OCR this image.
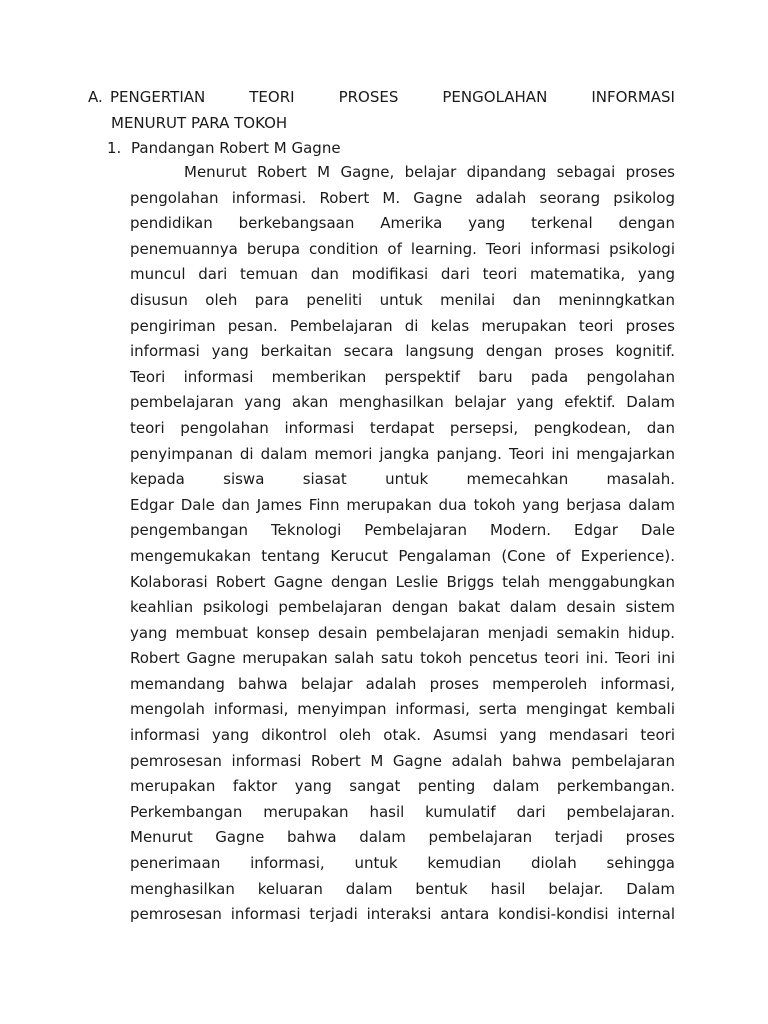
A. PENGERTIAN	TEORI	PROSES	PENGOLAHAN	INFORMASI
MENURUT PARA TOKOH
1. Pandangan Robert M Gagne
Menurut Robert M Gagne, belajar dipandang sebagai proses
pengolahan informasi. Robert M. Gagne adalah seorang psikolog
pendidikan berkebangsaan Amerika yang terkenal dengan
penemuannya berupa condition of learning. Teori informasi psikologi
muncul dari temuan dan modifikasi dari teori matematika, yang
disusun oleh para peneliti untuk menilai dan meninngkatkan
pengiriman pesan. Pembelajaran di kelas merupakan teori proses
informasi yang berkaitan secara langsung dengan proses kognitif.
Teori informasi memberikan perspektif baru pada pengolahan
pembelajaran yang akan menghasilkan belajar yang efektif. Dalam
teori pengolahan informasi terdapat persepsi, pengkodean, dan
penyimpanan di dalam memori jangka panjang. Teori ini mengajarkan
kepada siswa siasat untuk memecahkan masalah.
Edgar Dale dan James Finn merupakan dua tokoh yang berjasa dalam
pengembangan Teknologi Pembelajaran Modern. Edgar Dale
mengemukakan tentang Kerucut Pengalaman (Cone of Experience).
Kolaborasi Robert Gagne dengan Leslie Briggs telah menggabungkan
keahlian psikologi pembelajaran dengan bakat dalam desain sistem
yang membuat konsep desain pembelajaran menjadi semakin hidup.
Robert Gagne merupakan salah satu tokoh pencetus teori ini. Teori ini
memandang bahwa belajar adalah proses memperoleh informasi,
mengolah informasi, menyimpan informasi, serta mengingat kembali
informasi yang dikontrol oleh otak. Asumsi yang mendasari teori
pemrosesan informasi Robert M Gagne adalah bahwa pembelajaran
merupakan faktor yang sangat penting dalam perkembangan.
Perkembangan merupakan hasil kumulatif dari pembelajaran.
Menurut Gagne bahwa dalam pembelajaran terjadi proses
penerimaan informasi, untuk kemudian diolah sehingga
menghasilkan keluaran dalam bentuk hasil belajar. Dalam
pemrosesan informasi terjadi interaksi antara kondisi-kondisi internal
